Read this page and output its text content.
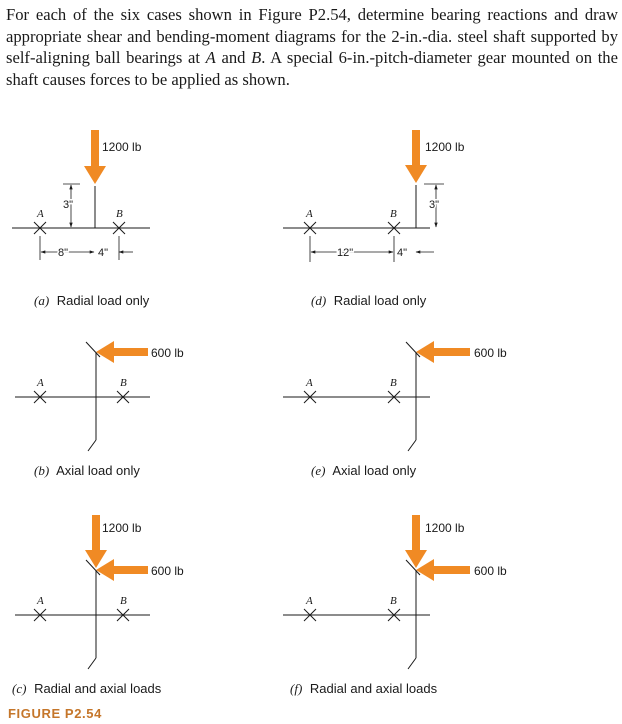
For each of the six cases shown in Figure P2.54, determine bearing reactions and draw appropriate shear and bending-moment diagrams for the 2-in.-dia. steel shaft supported by self-aligning ball bearings at A and B. A special 6-in.-pitch-diameter gear mounted on the shaft causes forces to be applied as shown.

A	B
1200 lb
3"
8"	4"
(a) Radial load only
A	B
1200 lb
3"
12"	4"
(d) Radial load only
A	B
600 lb
(b) Axial load only
A	B
600 lb
(e) Axial load only
A	B
1200 lb
600 lb
(c) Radial and axial loads
A	B
1200 lb
600 lb
(f) Radial and axial loads

FIGURE P2.54
